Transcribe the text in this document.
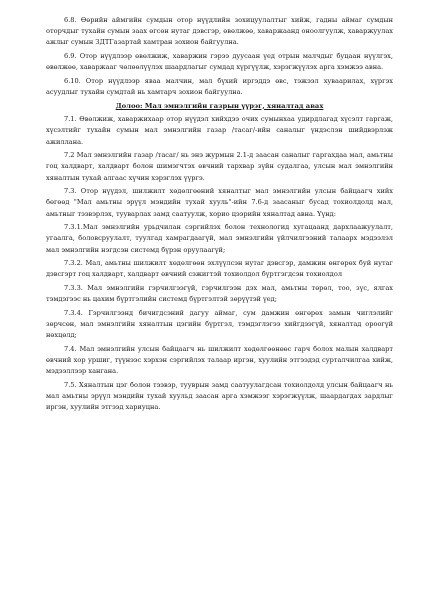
6.8. Өөрийн аймгийн сумдын отор нүүдлийн зохицуулалтыг хийж, гадны аймаг сумдын оторчдыг тухайн сумын заах өгсөн нутаг дэвсгэр, өвөлжөө, хаваржаанд оноолгуулж, хаваржуулах ажлыг сумын ЗДТГазартай хамтран зохион байгуулна.

6.9. Отор нүүдлээр өвөлжиж, хаваржин гэрээ дуусаан үед отрын малчдыг буцаан нүүлгэх, өвөлжөө, хаваржааг чөлөөлүүлэх шаардлагыг сумдад хүргүүлж, хэрэгжүүлэх арга хэмжээ авна.

6.10. Отор нүүдлээр явaa малчин, мал бүхий иргэддэ өвс, тэжээл хуваарилах, хүргэх асуудлыг тухайн сумдтай нь хамтарч зохион байгуулна.

Долоо: Мал эмнэлгийн газрын үүрэг, хяналтад авах

7.1. Өвөлжиж, хаваржихаар отор нүүдэл хийхдээ очих сумынхаа удирдлагад хүсэлт гаргаж, хүсэлтийг тухайн сумын мал эмнэлгийн газар /тасаг/-ийн саналыг үндэслэн шийдвэрлэж ажиллана.

7.2 Мал эмнэлгийн газар /тасаг/ нь энэ журмын 2.1-д заасан саналыг гаргахдаа мал, амьтны гоц халдварт, халдварт болон шимэгчтэх өвчний тархвар зүйн судалгаа, улсын мал эмнэлгийн хяналтын тухай алгаас хүчин хэрэглэх үүргэ.

7.3. Отор нүүдэл, шилжилт хөдөлгөөний хяналтыг мал эмнэлгийн улсын байцаагч хийх бөгөөд "Мал амьтны эрүүл мэндийн тухай хууль"-ийн 7.6-д заасаныг бусад тохиолдолд мал, амьтныг тээвэрлэх, тууварлах замд саатуулж, хорио цээрийн хяналтад авна. Үүнд:

7.3.1.Мал эмнэлгийн урьдчилан сэргийлэх болон технологид хугацаанд дархлаажуулалт, угаалга, боловсруулалт, туулгад хамрагдаагүй, мал эмнэлгийн үйлчилгээний талаарх мэдээлэл мал эмнэлгийн нэгдсэн системд бүрэн оруулаагүй;

7.3.2. Мал, амьтны шилжилт хөдөлгөөн эхлүүлсэн нутаг дэвсгэр, дамжин өнгөрөх буй нутаг дэвсгэрт гоц халдварт, халдварт өвчний сэжигтэй тохиолдол бүртгэгдсэн тохиолдол

7.3.3. Мал эмнэлгийн гэрчилгээгүй, гэрчилгээн дэх мал, амьтны төрөл, тоо, зүс, ялгах тэмдэгээс нь цахим бүртгэлийн системд бүртгэлтэй зөрүүтэй үед;

7.3.4. Гэрчилгээнд бичигдсэний дагуу аймаг, сум дамжин өнгөрөх замын чиглэлийг зөрчсөн, мал эмнэлгийн хяналтын цэгийн бүртгэл, тэмдэглэгээ хийгдээгүй, хяналтад ороогүй нөхцөлд;

7.4. Мал эмнэлгийн улсын байцаагч нь шилжилт хөдөлгөөнөөс гарч болох малын халдварт өвчний хор уршиг, түүнээс хэрхэн сэргийлэх талаар иргэн, хуулийн этгээдэд сурталчилгаа хийж, мэдээллээр хангана.

7.5. Хяналтын цэг болон тээвэр, тууврын замд саатуулагдсан тохиолдолд улсын байцаагч нь мал амьтны эрүүл мэндийн тухай хуульд заасан арга хэмжээг хэрэгжүүлж, шаардагдах зардлыг иргэн, хуулийн этгээд хариуцна.
